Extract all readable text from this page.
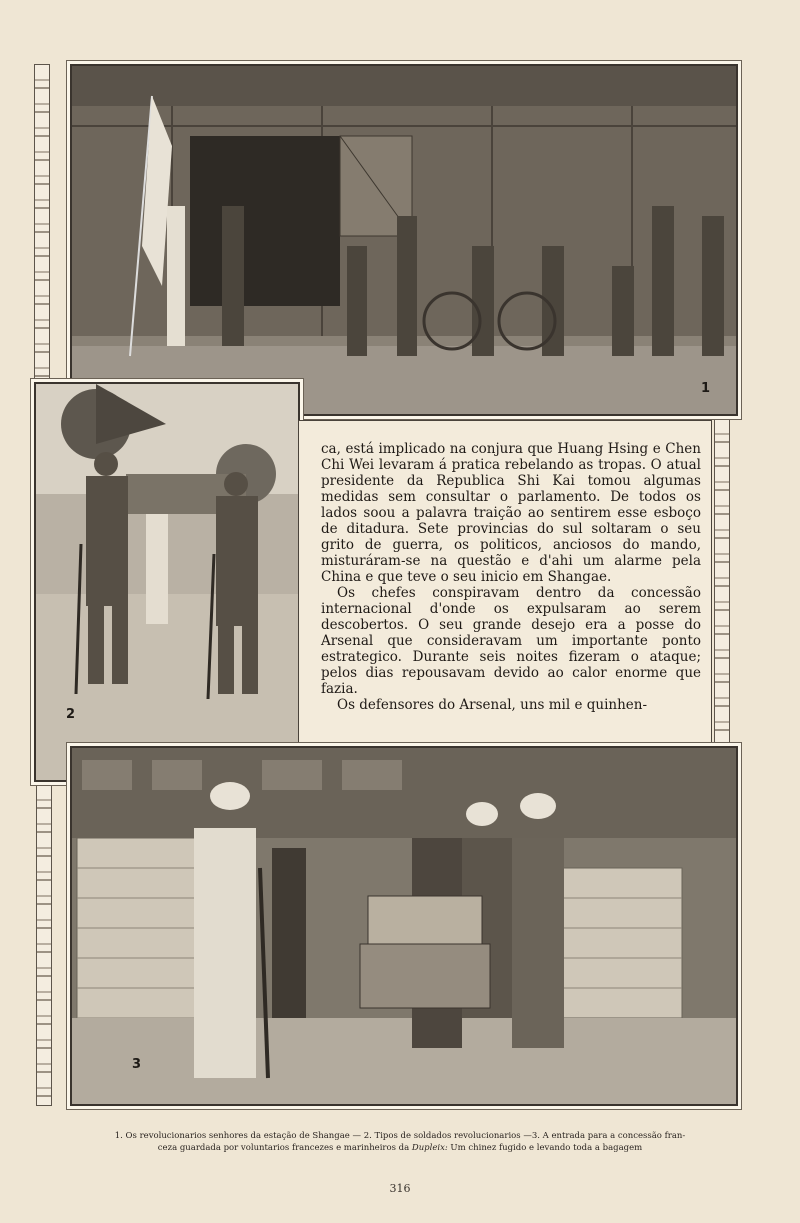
1
2

ca, está implicado na conjura que Huang Hsing e Chen Chi Wei levaram á pratica rebelando as tropas. O atual presidente da Republica Shi Kai tomou algumas medidas sem consultar o parlamento. De todos os lados soou a palavra traição ao sentirem esse esboço de ditadura. Sete provincias do sul soltaram o seu grito de guerra, os politicos, anciosos do mando, misturáram-se na questão e d'ahi um alarme pela China e que teve o seu inicio em Shangae.

Os chefes conspiravam dentro da concessão internacional d'onde os expulsaram ao serem descobertos. O seu grande desejo era a posse do Arsenal que consideravam um importante ponto estrategico. Durante seis noites fizeram o ataque; pelos dias repousavam devido ao calor enorme que fazia.

Os defensores do Arsenal, uns mil e quinhen-

3
1. Os revolucionarios senhores da estação de Shangae — 2. Tipos de soldados revolucionarios —3. A entrada para a concessão fran-
ceza guardada por voluntarios francezes e marinheiros da Dupleix: Um chinez fugido e levando toda a bagagem
316
